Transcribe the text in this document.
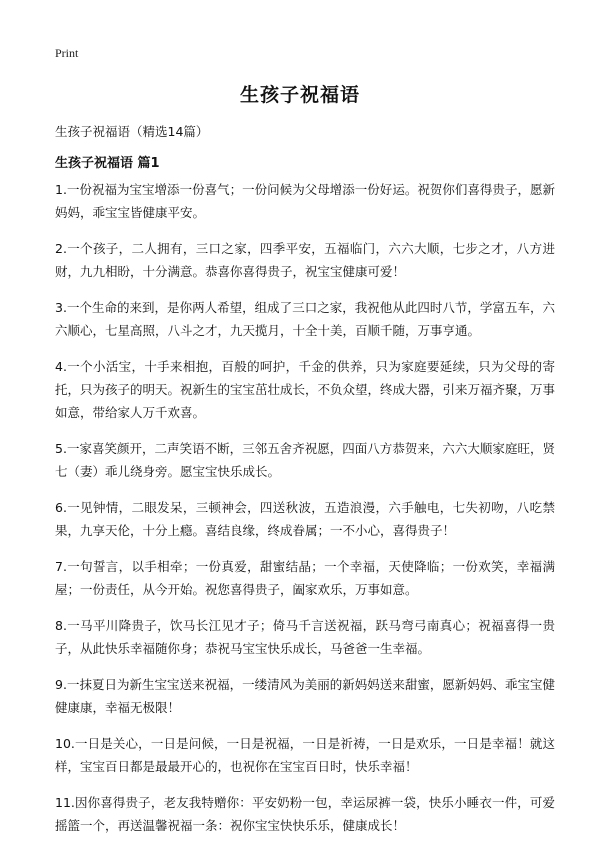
Print
生孩子祝福语

生孩子祝福语（精选14篇）

生孩子祝福语 篇1
1.一份祝福为宝宝增添一份喜气；一份问候为父母增添一份好运。祝贺你们喜得贵子，愿新妈妈，乖宝宝皆健康平安。
2.一个孩子，二人拥有，三口之家，四季平安，五福临门，六六大顺，七步之才，八方进财，九九相盼，十分满意。恭喜你喜得贵子，祝宝宝健康可爱！
3.一个生命的来到，是你两人希望，组成了三口之家，我祝他从此四时八节，学富五车，六六顺心，七星高照，八斗之才，九天揽月，十全十美，百顺千随，万事亨通。
4.一个小活宝，十手来相抱，百般的呵护，千金的供养，只为家庭要延续，只为父母的寄托，只为孩子的明天。祝新生的宝宝茁壮成长，不负众望，终成大器，引来万福齐聚，万事如意，带给家人万千欢喜。
5.一家喜笑颜开，二声笑语不断，三邻五舍齐祝愿，四面八方恭贺来，六六大顺家庭旺，贤七（妻）乖儿绕身旁。愿宝宝快乐成长。
6.一见钟情，二眼发呆，三顿神会，四送秋波，五造浪漫，六手触电，七失初吻，八吃禁果，九享天伦，十分上瘾。喜结良缘，终成眷属；一不小心，喜得贵子！
7.一句誓言，以手相牵；一份真爱，甜蜜结晶；一个幸福，天使降临；一份欢笑，幸福满屋；一份责任，从今开始。祝您喜得贵子，阖家欢乐，万事如意。
8.一马平川降贵子，饮马长江见才子；倚马千言送祝福，跃马弯弓南真心；祝福喜得一贵子，从此快乐幸福随你身；恭祝马宝宝快乐成长，马爸爸一生幸福。
9.一抹夏日为新生宝宝送来祝福，一缕清风为美丽的新妈妈送来甜蜜，愿新妈妈、乖宝宝健健康康，幸福无极限！
10.一日是关心，一日是问候，一日是祝福，一日是祈祷，一日是欢乐，一日是幸福！就这样，宝宝百日都是最最开心的，也祝你在宝宝百日时，快乐幸福！
11.因你喜得贵子，老友我特赠你：平安奶粉一包，幸运尿裤一袋，快乐小睡衣一件，可爱摇篮一个，再送温馨祝福一条：祝你宝宝快快乐乐，健康成长！
